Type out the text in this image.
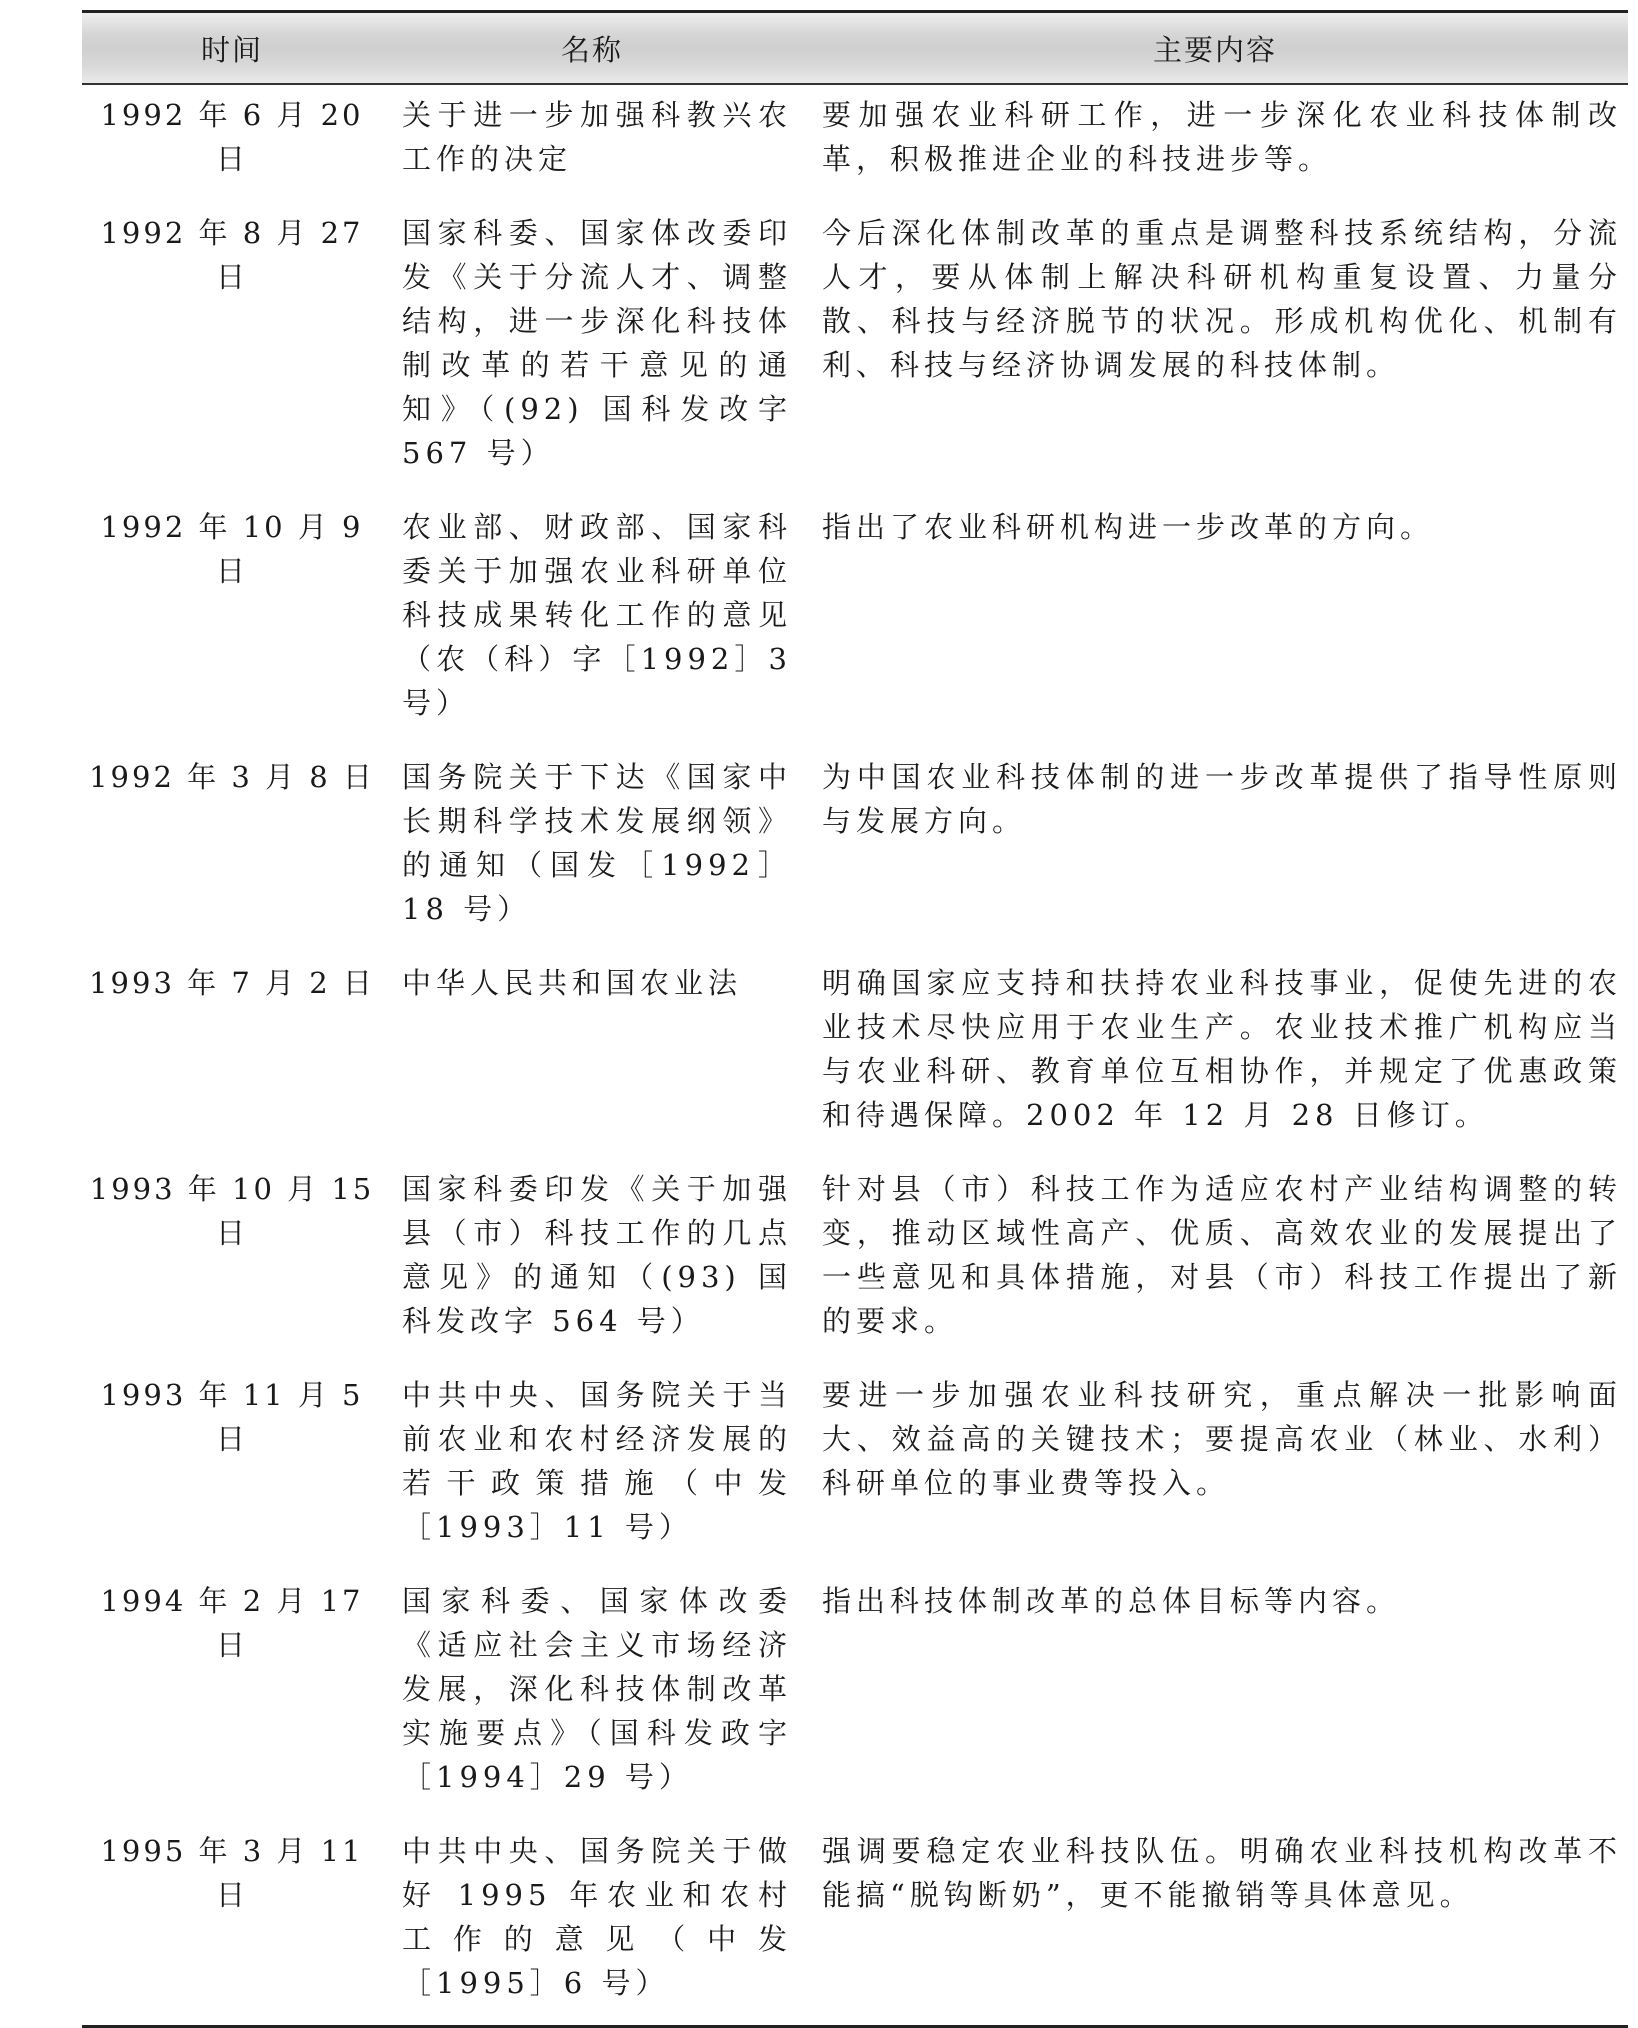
时间	名称	主要内容
1992 年 6 月 20 日	关于进一步加强科教兴农工作的决定	要加强农业科研工作，进一步深化农业科技体制改革，积极推进企业的科技进步等。
1992 年 8 月 27 日	国家科委、国家体改委印发《关于分流人才、调整结构，进一步深化科技体制改革的若干意见的通知》（(92) 国科发改字 567 号）	今后深化体制改革的重点是调整科技系统结构，分流人才，要从体制上解决科研机构重复设置、力量分散、科技与经济脱节的状况。形成机构优化、机制有利、科技与经济协调发展的科技体制。
1992 年 10 月 9 日	农业部、财政部、国家科委关于加强农业科研单位科技成果转化工作的意见（农（科）字［1992］3 号）	指出了农业科研机构进一步改革的方向。
1992 年 3 月 8 日	国务院关于下达《国家中长期科学技术发展纲领》的通知（国发［1992］18 号）	为中国农业科技体制的进一步改革提供了指导性原则与发展方向。
1993 年 7 月 2 日	中华人民共和国农业法	明确国家应支持和扶持农业科技事业，促使先进的农业技术尽快应用于农业生产。农业技术推广机构应当与农业科研、教育单位互相协作，并规定了优惠政策和待遇保障。2002 年 12 月 28 日修订。
1993 年 10 月 15 日	国家科委印发《关于加强县（市）科技工作的几点意见》的通知（(93) 国科发改字 564 号）	针对县（市）科技工作为适应农村产业结构调整的转变，推动区域性高产、优质、高效农业的发展提出了一些意见和具体措施，对县（市）科技工作提出了新的要求。
1993 年 11 月 5 日	中共中央、国务院关于当前农业和农村经济发展的若干政策措施（中发［1993］11 号）	要进一步加强农业科技研究，重点解决一批影响面大、效益高的关键技术；要提高农业（林业、水利）科研单位的事业费等投入。
1994 年 2 月 17 日	国家科委、国家体改委《适应社会主义市场经济发展，深化科技体制改革实施要点》（国科发政字［1994］29 号）	指出科技体制改革的总体目标等内容。
1995 年 3 月 11 日	中共中央、国务院关于做好 1995 年农业和农村工作的意见（中发［1995］6 号）	强调要稳定农业科技队伍。明确农业科技机构改革不能搞“脱钩断奶”，更不能撤销等具体意见。
